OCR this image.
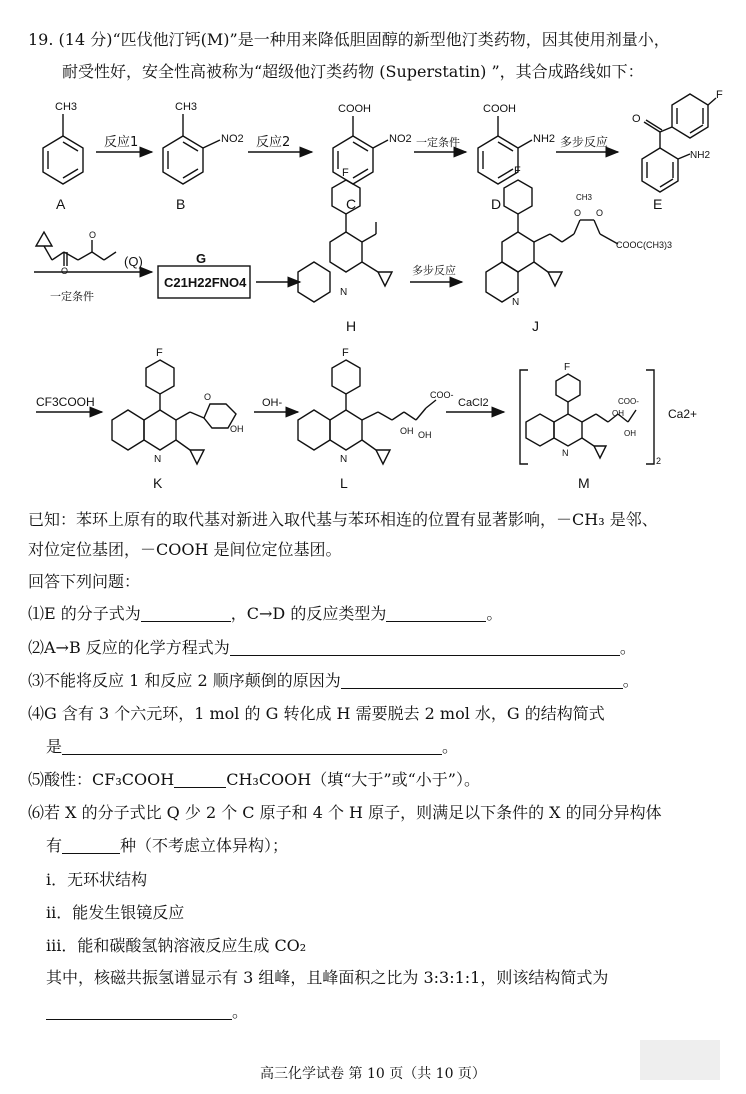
19. (14 分)“匹伐他汀钙(M)”是一种用来降低胆固醇的新型他汀类药物，因其使用剂量小，
耐受性好，安全性高被称为“超级他汀类药物 (Superstatin) ”，其合成路线如下：
CH3
A
反应1
CH3
NO2
B
反应2
COOH
NO2
C
一定条件
COOH
NH2
D
多步反应
O
F
NH2
E
O
O
(Q)
一定条件
G
C21H22FNO4
F
N
H
多步反应
F
O O
CH3
COOC(CH3)3
N
J
CF3COOH
F
O
OH
N
K
OH-
F
OH OH
COO-
N
L
CaCl2
2
F
OH
OH
COO-
N
Ca2+
M
已知：苯环上原有的取代基对新进入取代基与苯环相连的位置有显著影响，－CH₃ 是邻、
对位定位基团，－COOH 是间位定位基团。
回答下列问题：
⑴E 的分子式为	，C→D 的反应类型为	。
⑵A→B 反应的化学方程式为	。
⑶不能将反应 1 和反应 2 顺序颠倒的原因为	。
⑷G 含有 3 个六元环，1 mol 的 G 转化成 H 需要脱去 2 mol 水，G 的结构简式
是	。
⑸酸性：CF₃COOH	CH₃COOH（填“大于”或“小于”）。
⑹若 X 的分子式比 Q 少 2 个 C 原子和 4 个 H 原子，则满足以下条件的 X 的同分异构体
有	种（不考虑立体异构）；
i．无环状结构
ii．能发生银镜反应
iii．能和碳酸氢钠溶液反应生成 CO₂
其中，核磁共振氢谱显示有 3 组峰，且峰面积之比为 3:3:1:1，则该结构简式为
。
高三化学试卷 第 10 页（共 10 页）
